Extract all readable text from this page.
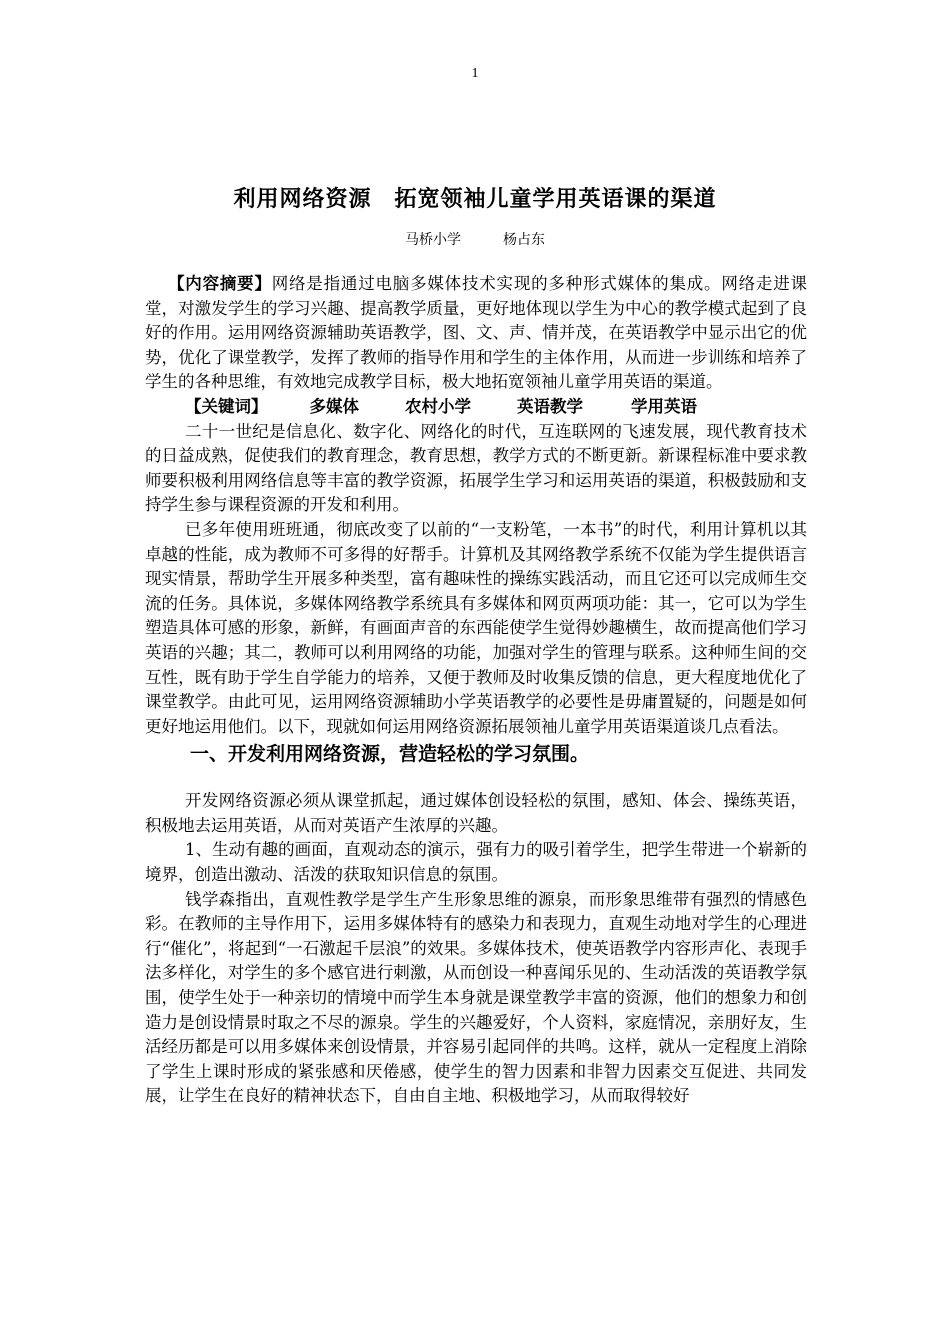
1
利用网络资源　拓宽领袖儿童学用英语课的渠道
马桥小学　　　杨占东

【内容摘要】网络是指通过电脑多媒体技术实现的多种形式媒体的集成。网络走进课堂，对激发学生的学习兴趣、提高教学质量，更好地体现以学生为中心的教学模式起到了良好的作用。运用网络资源辅助英语教学，图、文、声、情并茂，在英语教学中显示出它的优势，优化了课堂教学，发挥了教师的指导作用和学生的主体作用，从而进一步训练和培养了学生的各种思维，有效地完成教学目标，极大地拓宽领袖儿童学用英语的渠道。

【关键词】	多媒体	农村小学	英语教学	学用英语

二十一世纪是信息化、数字化、网络化的时代，互连联网的飞速发展，现代教育技术的日益成熟，促使我们的教育理念，教育思想，教学方式的不断更新。新课程标准中要求教师要积极利用网络信息等丰富的教学资源，拓展学生学习和运用英语的渠道，积极鼓励和支持学生参与课程资源的开发和利用。

已多年使用班班通，彻底改变了以前的“一支粉笔，一本书”的时代，利用计算机以其卓越的性能，成为教师不可多得的好帮手。计算机及其网络教学系统不仅能为学生提供语言现实情景，帮助学生开展多种类型，富有趣味性的操练实践活动，而且它还可以完成师生交流的任务。具体说，多媒体网络教学系统具有多媒体和网页两项功能：其一，它可以为学生塑造具体可感的形象，新鲜，有画面声音的东西能使学生觉得妙趣横生，故而提高他们学习英语的兴趣；其二，教师可以利用网络的功能，加强对学生的管理与联系。这种师生间的交互性，既有助于学生自学能力的培养，又便于教师及时收集反馈的信息，更大程度地优化了课堂教学。由此可见，运用网络资源辅助小学英语教学的必要性是毋庸置疑的，问题是如何更好地运用他们。以下，现就如何运用网络资源拓展领袖儿童学用英语渠道谈几点看法。

一、开发利用网络资源，营造轻松的学习氛围。

开发网络资源必须从课堂抓起，通过媒体创设轻松的氛围，感知、体会、操练英语，积极地去运用英语，从而对英语产生浓厚的兴趣。

1、生动有趣的画面，直观动态的演示，强有力的吸引着学生，把学生带进一个崭新的境界，创造出激动、活泼的获取知识信息的氛围。

钱学森指出，直观性教学是学生产生形象思维的源泉，而形象思维带有强烈的情感色彩。在教师的主导作用下，运用多媒体特有的感染力和表现力，直观生动地对学生的心理进行“催化”，将起到“一石激起千层浪”的效果。多媒体技术，使英语教学内容形声化、表现手法多样化，对学生的多个感官进行刺激，从而创设一种喜闻乐见的、生动活泼的英语教学氛围，使学生处于一种亲切的情境中而学生本身就是课堂教学丰富的资源，他们的想象力和创造力是创设情景时取之不尽的源泉。学生的兴趣爱好，个人资料，家庭情况，亲朋好友，生活经历都是可以用多媒体来创设情景，并容易引起同伴的共鸣。这样，就从一定程度上消除了学生上课时形成的紧张感和厌倦感，使学生的智力因素和非智力因素交互促进、共同发展，让学生在良好的精神状态下，自由自主地、积极地学习，从而取得较好
